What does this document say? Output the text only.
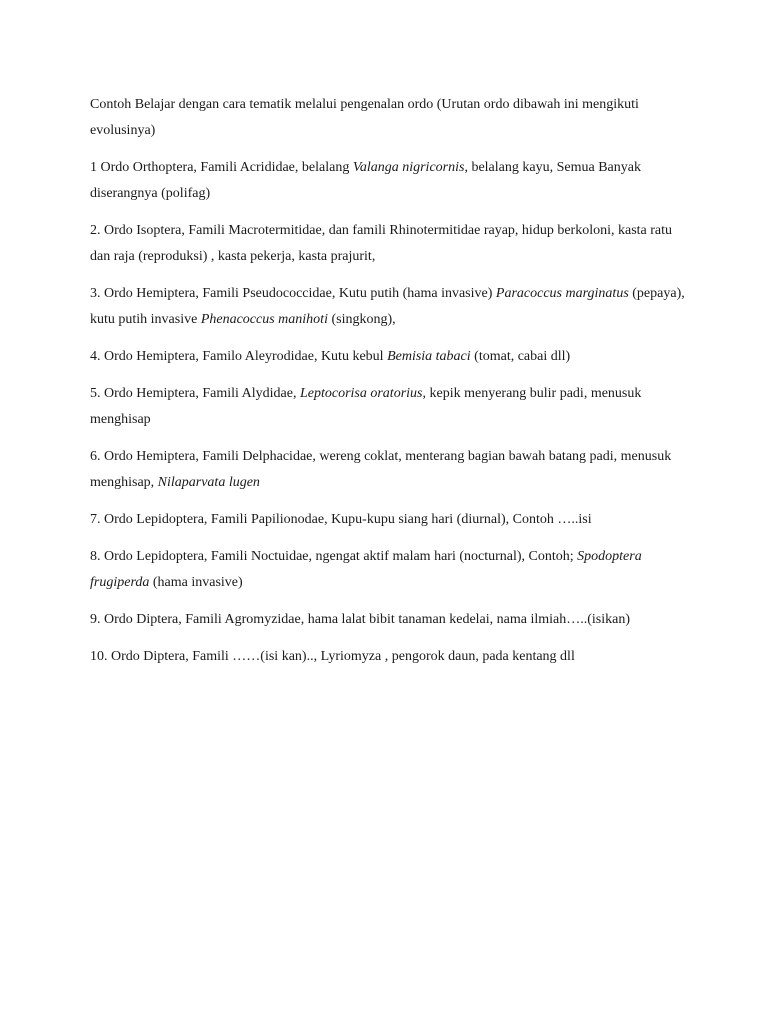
Contoh Belajar dengan cara tematik melalui pengenalan ordo (Urutan ordo dibawah ini mengikuti evolusinya)

1 Ordo Orthoptera, Famili Acrididae, belalang Valanga nigricornis, belalang kayu, Semua Banyak diserangnya (polifag)

2. Ordo Isoptera, Famili Macrotermitidae, dan famili Rhinotermitidae rayap, hidup berkoloni, kasta ratu dan raja (reproduksi) , kasta pekerja, kasta prajurit,

3. Ordo Hemiptera, Famili Pseudococcidae, Kutu putih (hama invasive) Paracoccus marginatus (pepaya), kutu putih invasive Phenacoccus manihoti (singkong),

4. Ordo Hemiptera, Familo Aleyrodidae, Kutu kebul Bemisia tabaci (tomat, cabai dll)

5. Ordo Hemiptera, Famili Alydidae, Leptocorisa oratorius, kepik menyerang bulir padi, menusuk menghisap

6. Ordo Hemiptera, Famili Delphacidae, wereng coklat, menterang bagian bawah batang padi, menusuk menghisap, Nilaparvata lugen

7. Ordo Lepidoptera, Famili Papilionodae, Kupu-kupu siang hari (diurnal), Contoh …..isi

8. Ordo Lepidoptera, Famili Noctuidae, ngengat aktif malam hari (nocturnal), Contoh; Spodoptera frugiperda (hama invasive)

9. Ordo Diptera, Famili Agromyzidae, hama lalat bibit tanaman kedelai, nama ilmiah…..(isikan)

10. Ordo Diptera, Famili ……(isi kan).., Lyriomyza , pengorok daun, pada kentang dll
